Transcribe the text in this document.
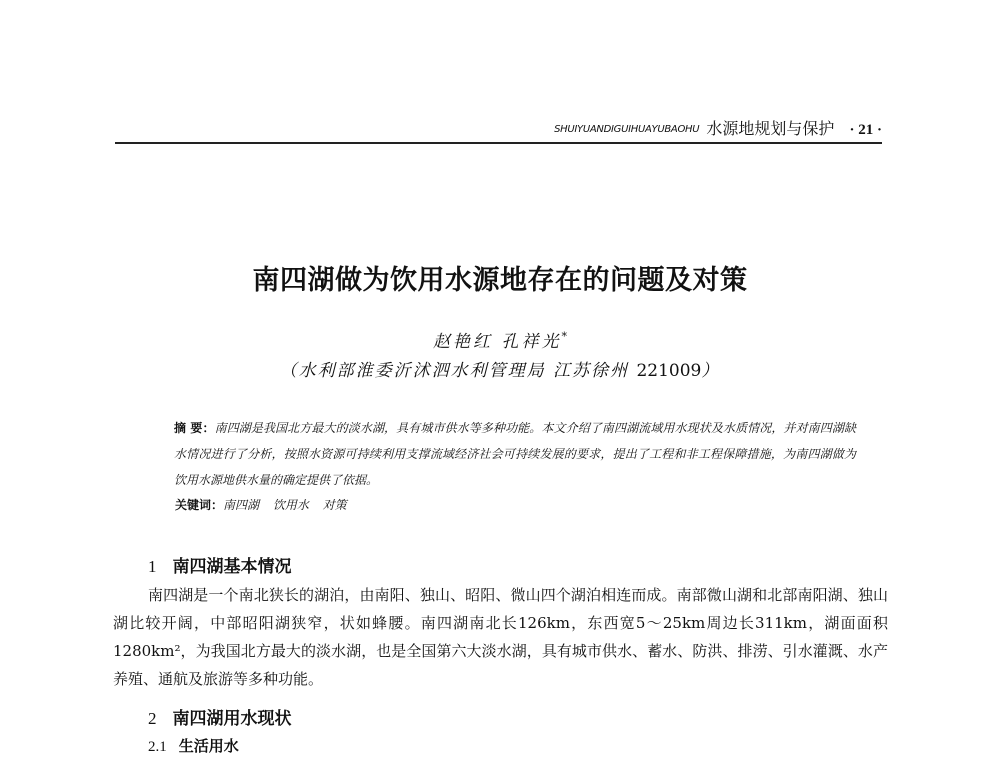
SHUIYUANDIGUIHUAYUBAOHU 水源地规划与保护 · 21 ·
南四湖做为饮用水源地存在的问题及对策
赵艳红 孔祥光*
（水利部淮委沂沭泗水利管理局 江苏徐州 221009）
摘 要：南四湖是我国北方最大的淡水湖，具有城市供水等多种功能。本文介绍了南四湖流域用水现状及水质情况，并对南四湖缺水情况进行了分析，按照水资源可持续利用支撑流域经济社会可持续发展的要求，提出了工程和非工程保障措施，为南四湖做为饮用水源地供水量的确定提供了依据。
关键词：南四湖 饮用水 对策
1 南四湖基本情况
南四湖是一个南北狭长的湖泊，由南阳、独山、昭阳、微山四个湖泊相连而成。南部微山湖和北部南阳湖、独山湖比较开阔，中部昭阳湖狭窄，状如蜂腰。南四湖南北长126km，东西宽5～25km周边长311km，湖面面积1280km²，为我国北方最大的淡水湖，也是全国第六大淡水湖，具有城市供水、蓄水、防洪、排涝、引水灌溉、水产养殖、通航及旅游等多种功能。
2 南四湖用水现状
2.1 生活用水
